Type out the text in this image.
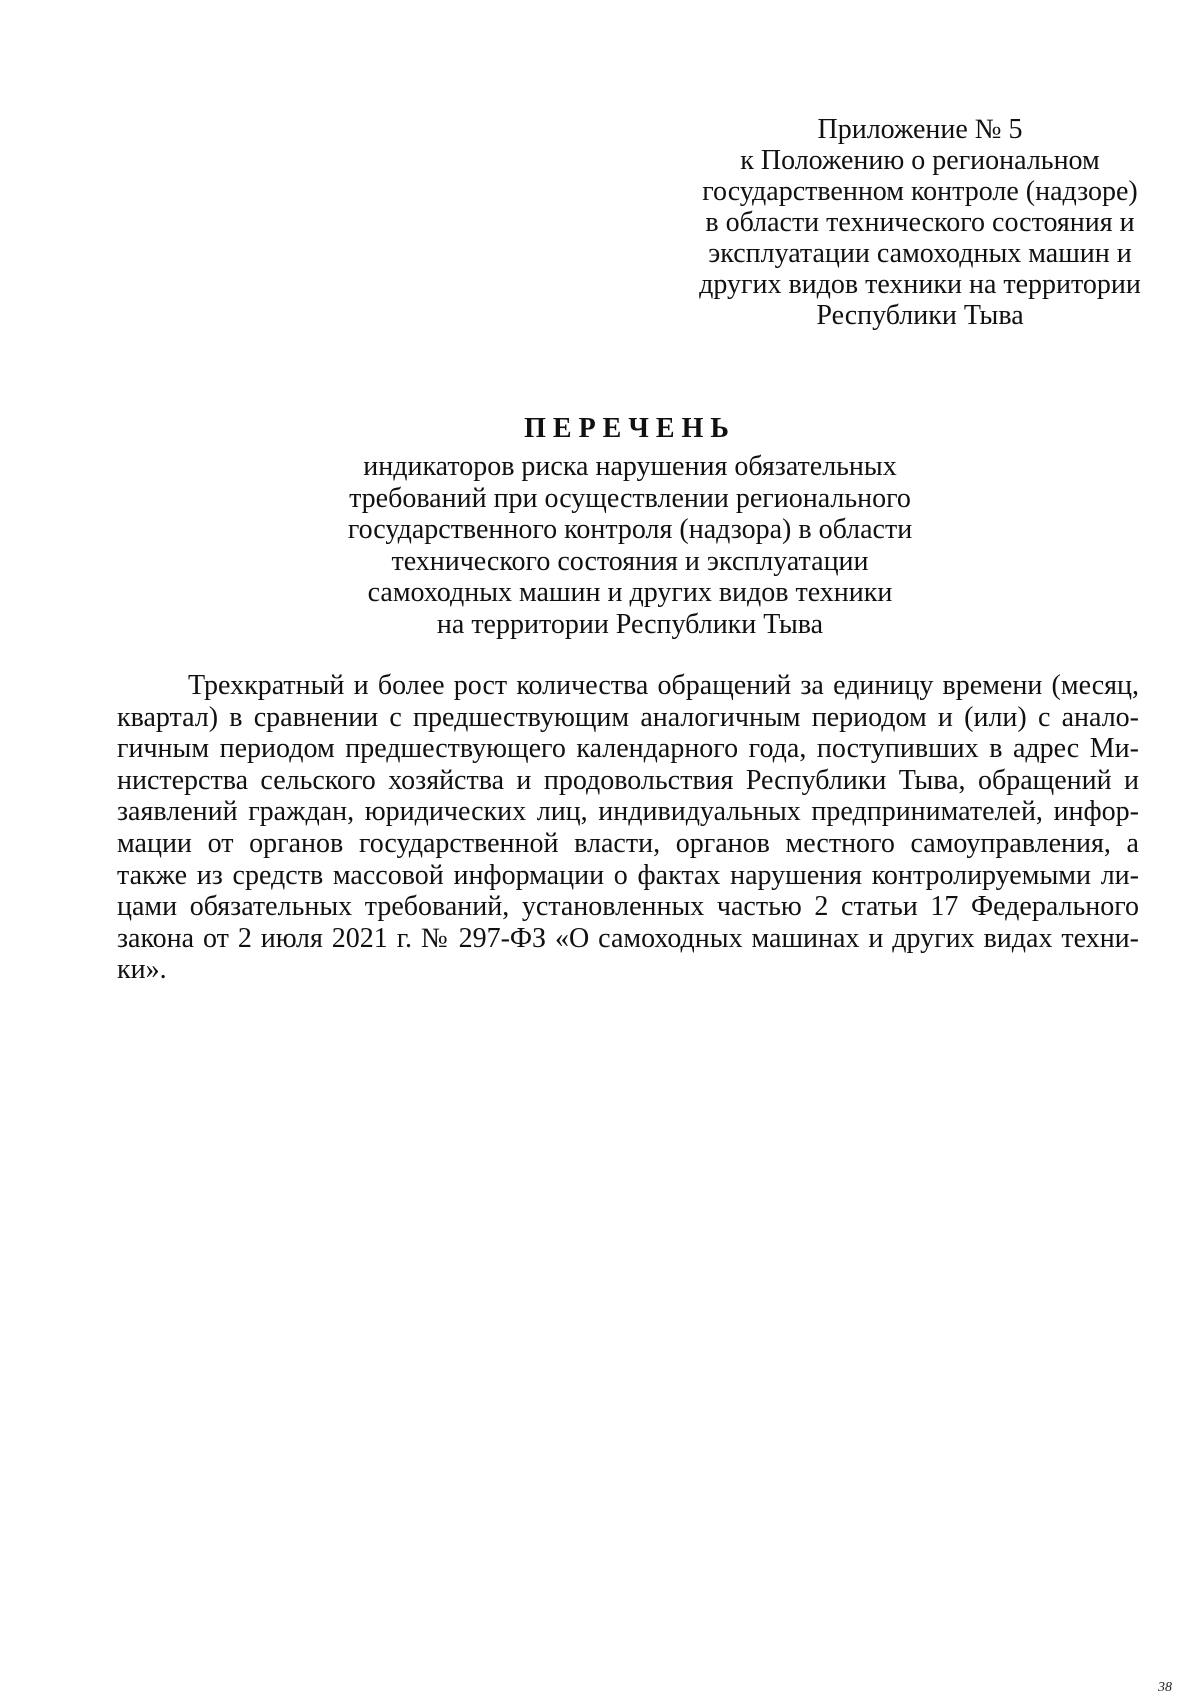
Приложение № 5
к Положению о региональном
государственном контроле (надзоре)
в области технического состояния и
эксплуатации самоходных машин и
других видов техники на территории
Республики Тыва
ПЕРЕЧЕНЬ
индикаторов риска нарушения обязательных
требований при осуществлении регионального
государственного контроля (надзора) в области
технического состояния и эксплуатации
самоходных машин и других видов техники
на территории Республики Тыва
Трехкратный и более рост количества обращений за единицу времени (месяц,
квартал) в сравнении с предшествующим аналогичным периодом и (или) с анало-
гичным периодом предшествующего календарного года, поступивших в адрес Ми-
нистерства сельского хозяйства и продовольствия Республики Тыва, обращений и
заявлений граждан, юридических лиц, индивидуальных предпринимателей, инфор-
мации от органов государственной власти, органов местного самоуправления, а
также из средств массовой информации о фактах нарушения контролируемыми ли-
цами обязательных требований, установленных частью 2 статьи 17 Федерального
закона от 2 июля 2021 г. № 297-ФЗ «О самоходных машинах и других видах техни-
ки».
38
